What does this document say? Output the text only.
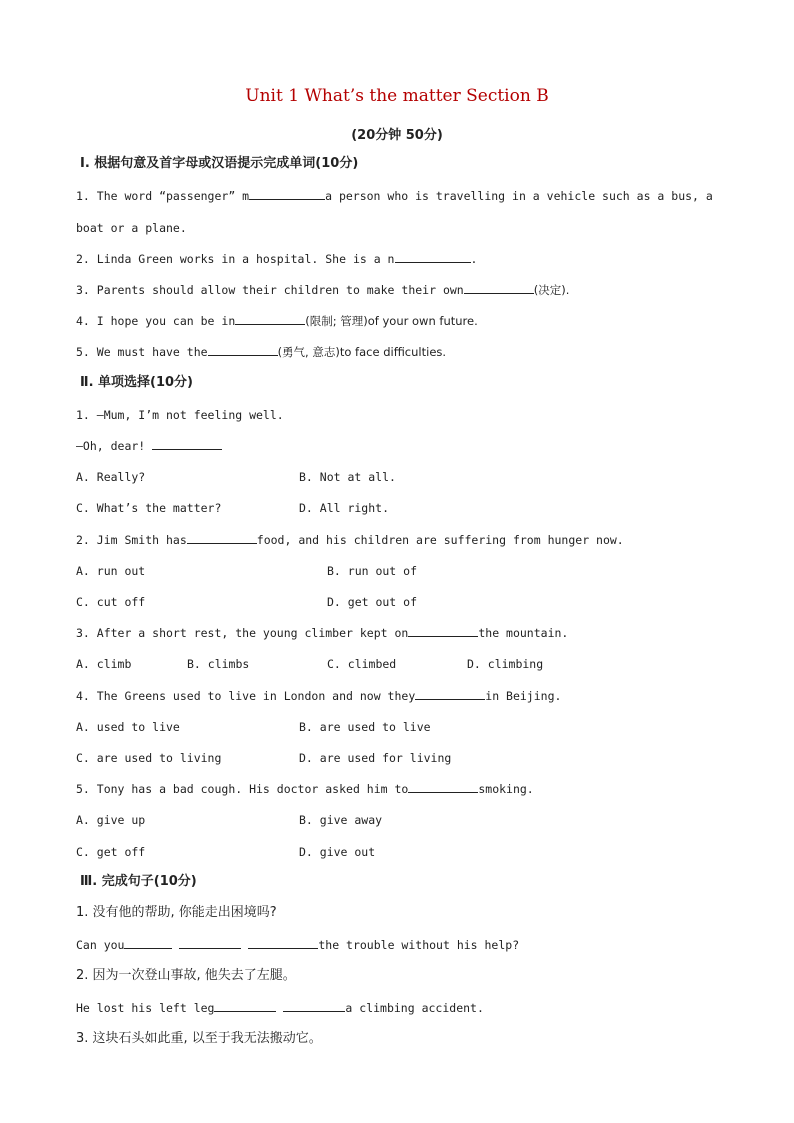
Unit 1 What’s the matter Section B
(20分钟 50分)
Ⅰ. 根据句意及首字母或汉语提示完成单词(10分)
1. The word “passenger” m	a person who is travelling in a vehicle such as a bus, a
boat or a plane.
2. Linda Green works in a hospital. She is a n	.
3. Parents should allow their children to make their own	(决定).
4. I hope you can be in	(限制; 管理)of your own future.
5. We must have the	(勇气, 意志)to face difficulties.
Ⅱ. 单项选择(10分)
1. —Mum, I’m not feeling well.
—Oh, dear!
A. Really?	B. Not at all.
C. What’s the matter?	D. All right.
2. Jim Smith has	food, and his children are suffering from hunger now.
A. run out	B. run out of
C. cut off	D. get out of
3. After a short rest, the young climber kept on	the mountain.
A. climb	B. climbs	C. climbed	D. climbing
4. The Greens used to live in London and now they	in Beijing.
A. used to live	B. are used to live
C. are used to living	D. are used for living
5. Tony has a bad cough. His doctor asked him to	smoking.
A. give up	B. give away
C. get off	D. give out
Ⅲ. 完成句子(10分)
1. 没有他的帮助, 你能走出困境吗?
Can you	the trouble without his help?
2. 因为一次登山事故, 他失去了左腿。
He lost his left leg	a climbing accident.
3. 这块石头如此重, 以至于我无法搬动它。
